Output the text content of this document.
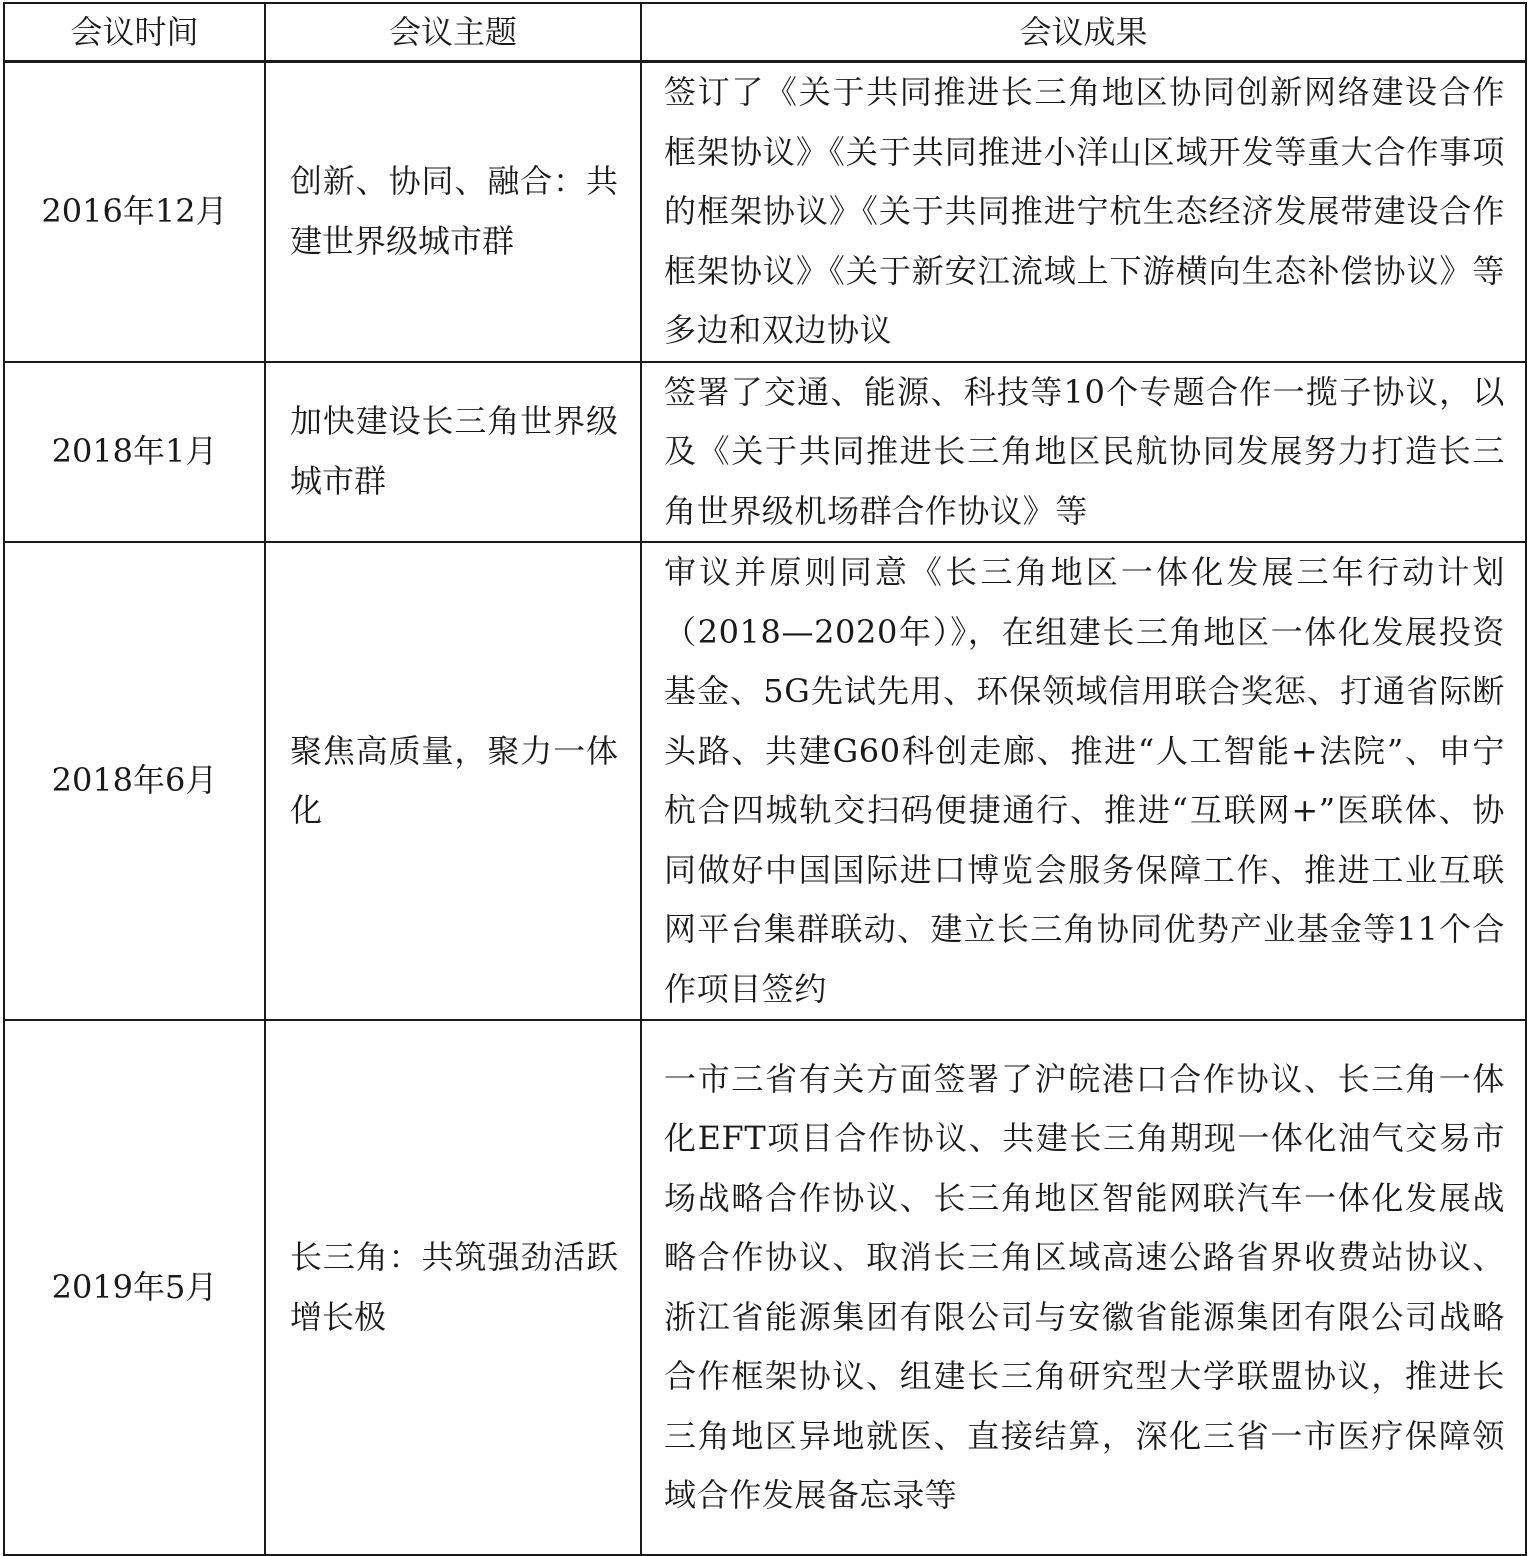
会议时间	会议主题	会议成果
2016年12月	创新、协同、融合：共建世界级城市群	签订了《关于共同推进长三角地区协同创新网络建设合作框架协议》《关于共同推进小洋山区域开发等重大合作事项的框架协议》《关于共同推进宁杭生态经济发展带建设合作框架协议》《关于新安江流域上下游横向生态补偿协议》等多边和双边协议
2018年1月	加快建设长三角世界级城市群	签署了交通、能源、科技等10个专题合作一揽子协议，以及《关于共同推进长三角地区民航协同发展努力打造长三角世界级机场群合作协议》等
2018年6月	聚焦高质量，聚力一体化	审议并原则同意《长三角地区一体化发展三年行动计划（2018—2020年）》，在组建长三角地区一体化发展投资基金、5G先试先用、环保领域信用联合奖惩、打通省际断头路、共建G60科创走廊、推进“人工智能+法院”、申宁杭合四城轨交扫码便捷通行、推进“互联网+”医联体、协同做好中国国际进口博览会服务保障工作、推进工业互联网平台集群联动、建立长三角协同优势产业基金等11个合作项目签约
2019年5月	长三角：共筑强劲活跃增长极	一市三省有关方面签署了沪皖港口合作协议、长三角一体化EFT项目合作协议、共建长三角期现一体化油气交易市场战略合作协议、长三角地区智能网联汽车一体化发展战略合作协议、取消长三角区域高速公路省界收费站协议、浙江省能源集团有限公司与安徽省能源集团有限公司战略合作框架协议、组建长三角研究型大学联盟协议，推进长三角地区异地就医、直接结算，深化三省一市医疗保障领域合作发展备忘录等
